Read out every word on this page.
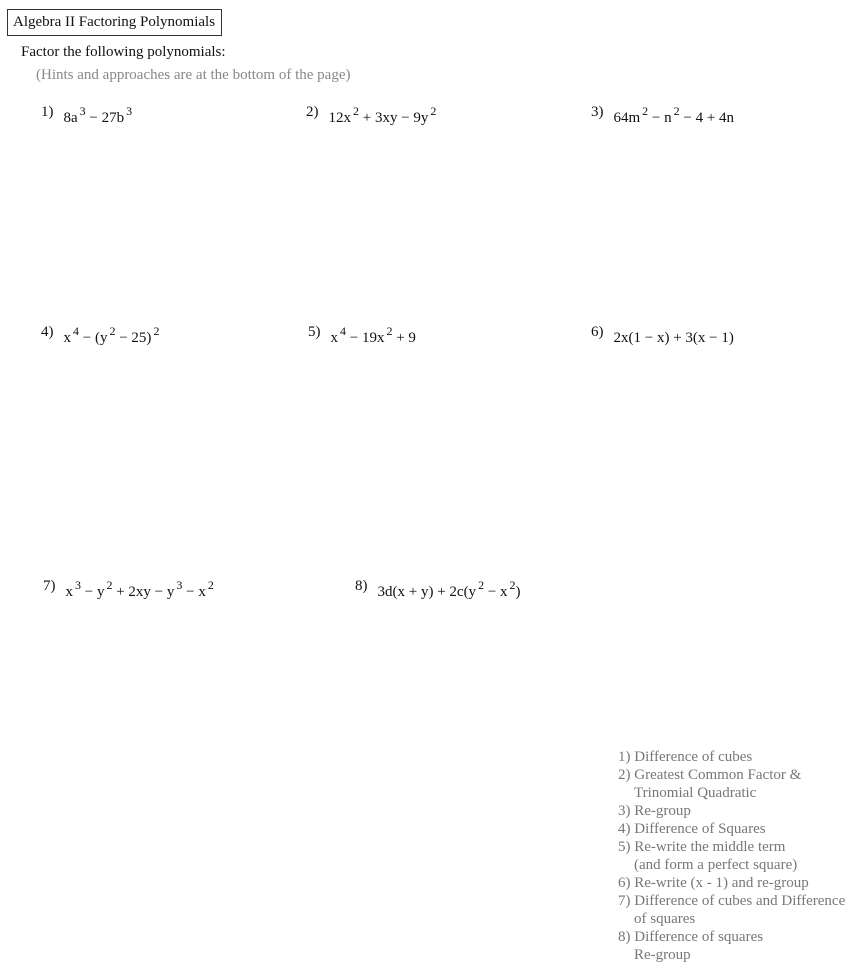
Algebra II Factoring Polynomials
Factor the following polynomials:
(Hints and approaches are at the bottom of the page)
1) 8a $^3$ − 27b $^3$	2) 12x $^2$ + 3xy − 9y $^2$	3) 64m $^2$ − n $^2$ − 4 + 4n
4) x $^4$ − (y $^2$ − 25) $^2$	5) x $^4$ − 19x $^2$ + 9	6) 2x(1 − x) + 3(x − 1)
7) x $^3$ − y $^2$ + 2xy − y $^3$ − x $^2$	8) 3d(x + y) + 2c(y $^2$ − x $^2$)
1) Difference of cubes
2) Greatest Common Factor &
Trinomial Quadratic
3) Re-group
4) Difference of Squares
5) Re-write the middle term
(and form a perfect square)
6) Re-write (x - 1) and re-group
7) Difference of cubes and Difference
of squares
8) Difference of squares
Re-group
